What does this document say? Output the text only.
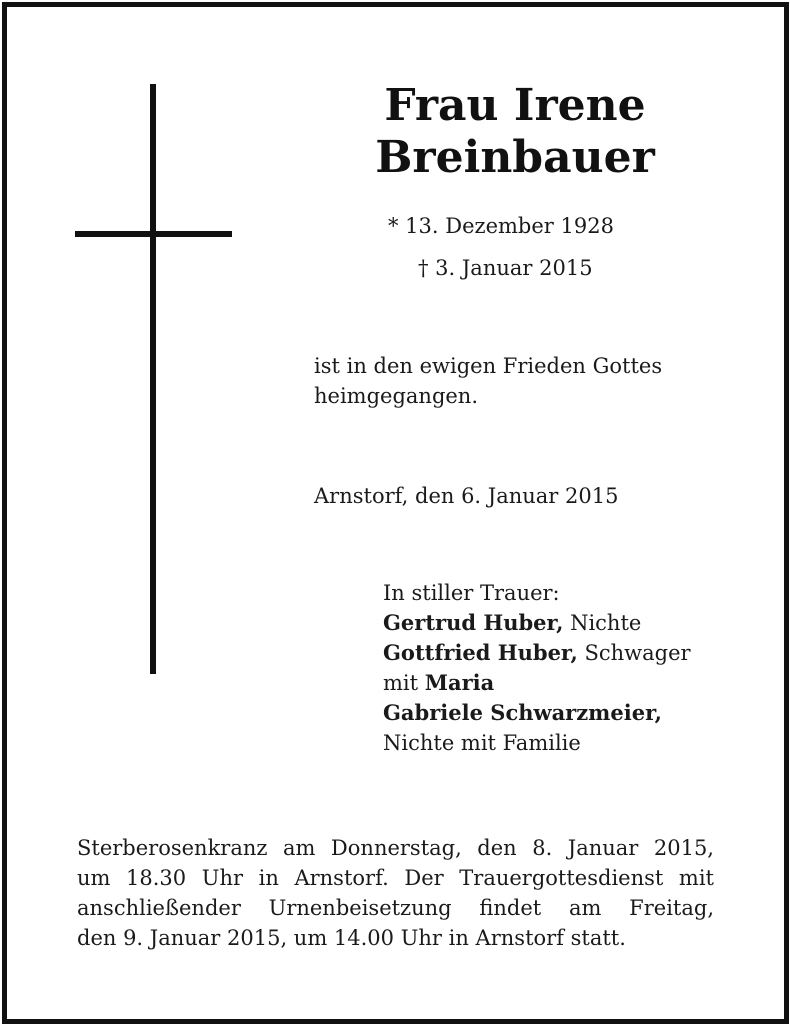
Frau Irene
Breinbauer
* 13. Dezember 1928
† 3. Januar 2015
ist in den ewigen Frieden Gottes
heimgegangen.
Arnstorf, den 6. Januar 2015
In stiller Trauer:
Gertrud Huber, Nichte
Gottfried Huber, Schwager
mit Maria
Gabriele Schwarzmeier,
Nichte mit Familie
Sterberosenkranz am Donnerstag, den 8. Januar 2015,
um 18.30 Uhr in Arnstorf. Der Trauergottesdienst mit
anschließender Urnenbeisetzung findet am Freitag,
den 9. Januar 2015, um 14.00 Uhr in Arnstorf statt.
